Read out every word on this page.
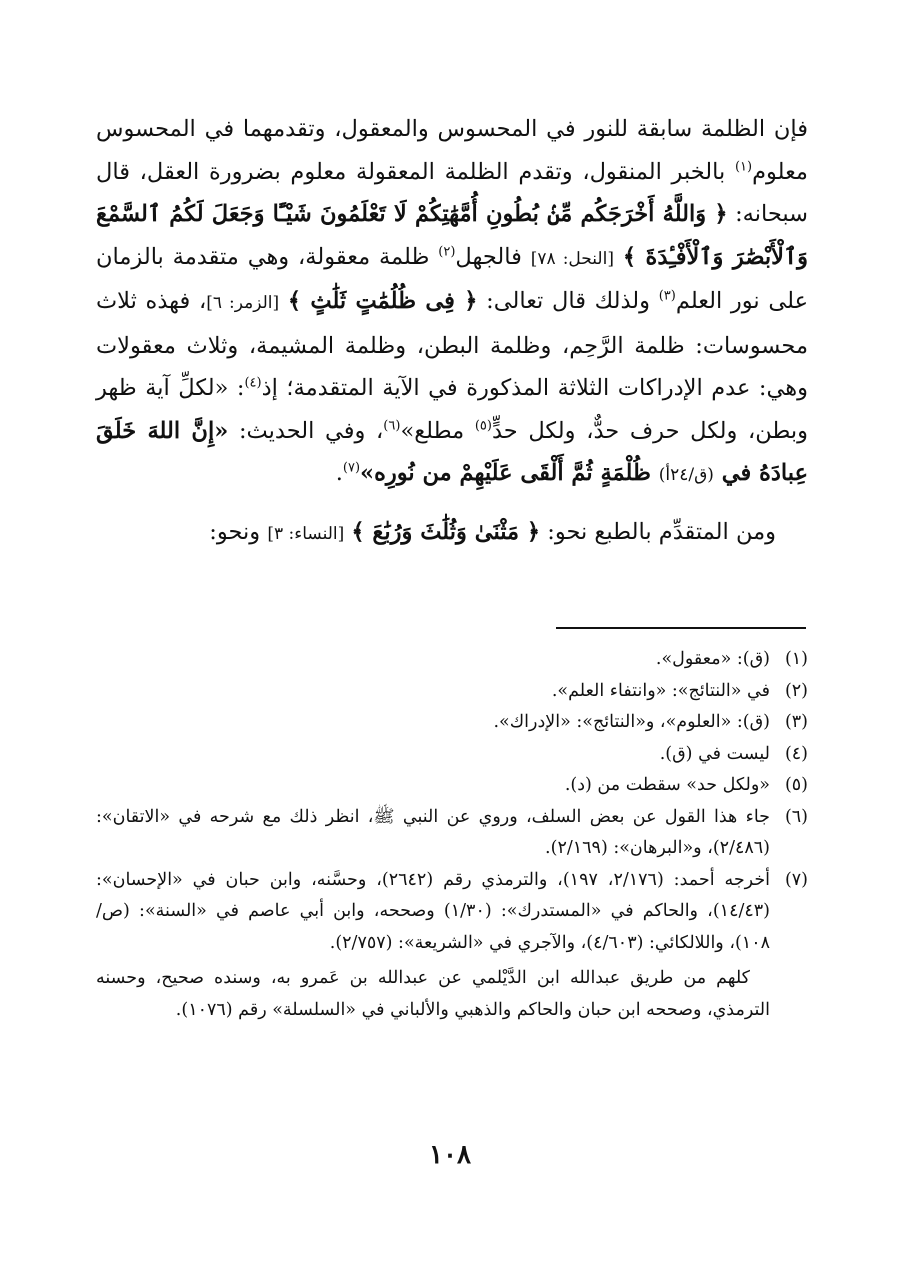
فإن الظلمة سابقة للنور في المحسوس والمعقول، وتقدمهما في المحسوس معلوم$^{(١)}$ بالخبر المنقول، وتقدم الظلمة المعقولة معلوم بضرورة العقل، قال سبحانه: ﴿ وَاللَّهُ أَخْرَجَكُم مِّنۢ بُطُونِ أُمَّهَٰتِكُمْ لَا تَعْلَمُونَ شَيْـًٔا وَجَعَلَ لَكُمُ ٱلسَّمْعَ وَٱلْأَبْصَٰرَ وَٱلْأَفْـِٔدَةَ ﴾ [النحل: ٧٨] فالجهل$^{(٢)}$ ظلمة معقولة، وهي متقدمة بالزمان على نور العلم$^{(٣)}$ ولذلك قال تعالى: ﴿ فِى ظُلُمَٰتٍ ثَلَٰثٍ ﴾ [الزمر: ٦]، فهذه ثلاث محسوسات: ظلمة الرَّحِم، وظلمة البطن، وظلمة المشيمة، وثلاث معقولات وهي: عدم الإدراكات الثلاثة المذكورة في الآية المتقدمة؛ إذ$^{(٤)}$: «لكلِّ آية ظهر وبطن، ولكل حرف حدٌّ، ولكل حدٍّ$^{(٥)}$ مطلع»$^{(٦)}$، وفي الحديث: «إِنَّ اللهَ خَلَقَ عِبادَهُ في (ق/٢٤أ) ظُلْمَةٍ ثُمَّ أَلْقَى عَلَيْهِمْ من نُورِه»$^{(٧)}$.

ومن المتقدِّم بالطبع نحو: ﴿ مَثْنَىٰ وَثُلَٰثَ وَرُبَٰعَ ﴾ [النساء: ٣] ونحو:

(١)
(ق): «معقول».
(٢)
في «النتائج»: «وانتفاء العلم».
(٣)
(ق): «العلوم»، و«النتائج»: «الإدراك».
(٤)
ليست في (ق).
(٥)
«ولكل حد» سقطت من (د).
(٦)
جاء هذا القول عن بعض السلف، وروي عن النبي ﷺ، انظر ذلك مع شرحه في «الاتقان»: (٢/٤٨٦)، و«البرهان»: (٢/١٦٩).
(٧)
أخرجه أحمد: (٢/١٧٦، ١٩٧)، والترمذي رقم (٢٦٤٢)، وحسَّنه، وابن حبان في «الإحسان»: (١٤/٤٣)، والحاكم في «المستدرك»: (١/٣٠) وصححه، وابن أبي عاصم في «السنة»: (ص/١٠٨)، واللالكائي: (٤/٦٠٣)، والآجري في «الشريعة»: (٢/٧٥٧).
كلهم من طريق عبدالله ابن الدَّيْلمي عن عبدالله بن عَمرو به، وسنده صحيح، وحسنه الترمذي، وصححه ابن حبان والحاكم والذهبي والألباني في «السلسلة» رقم (١٠٧٦).
١٠٨
